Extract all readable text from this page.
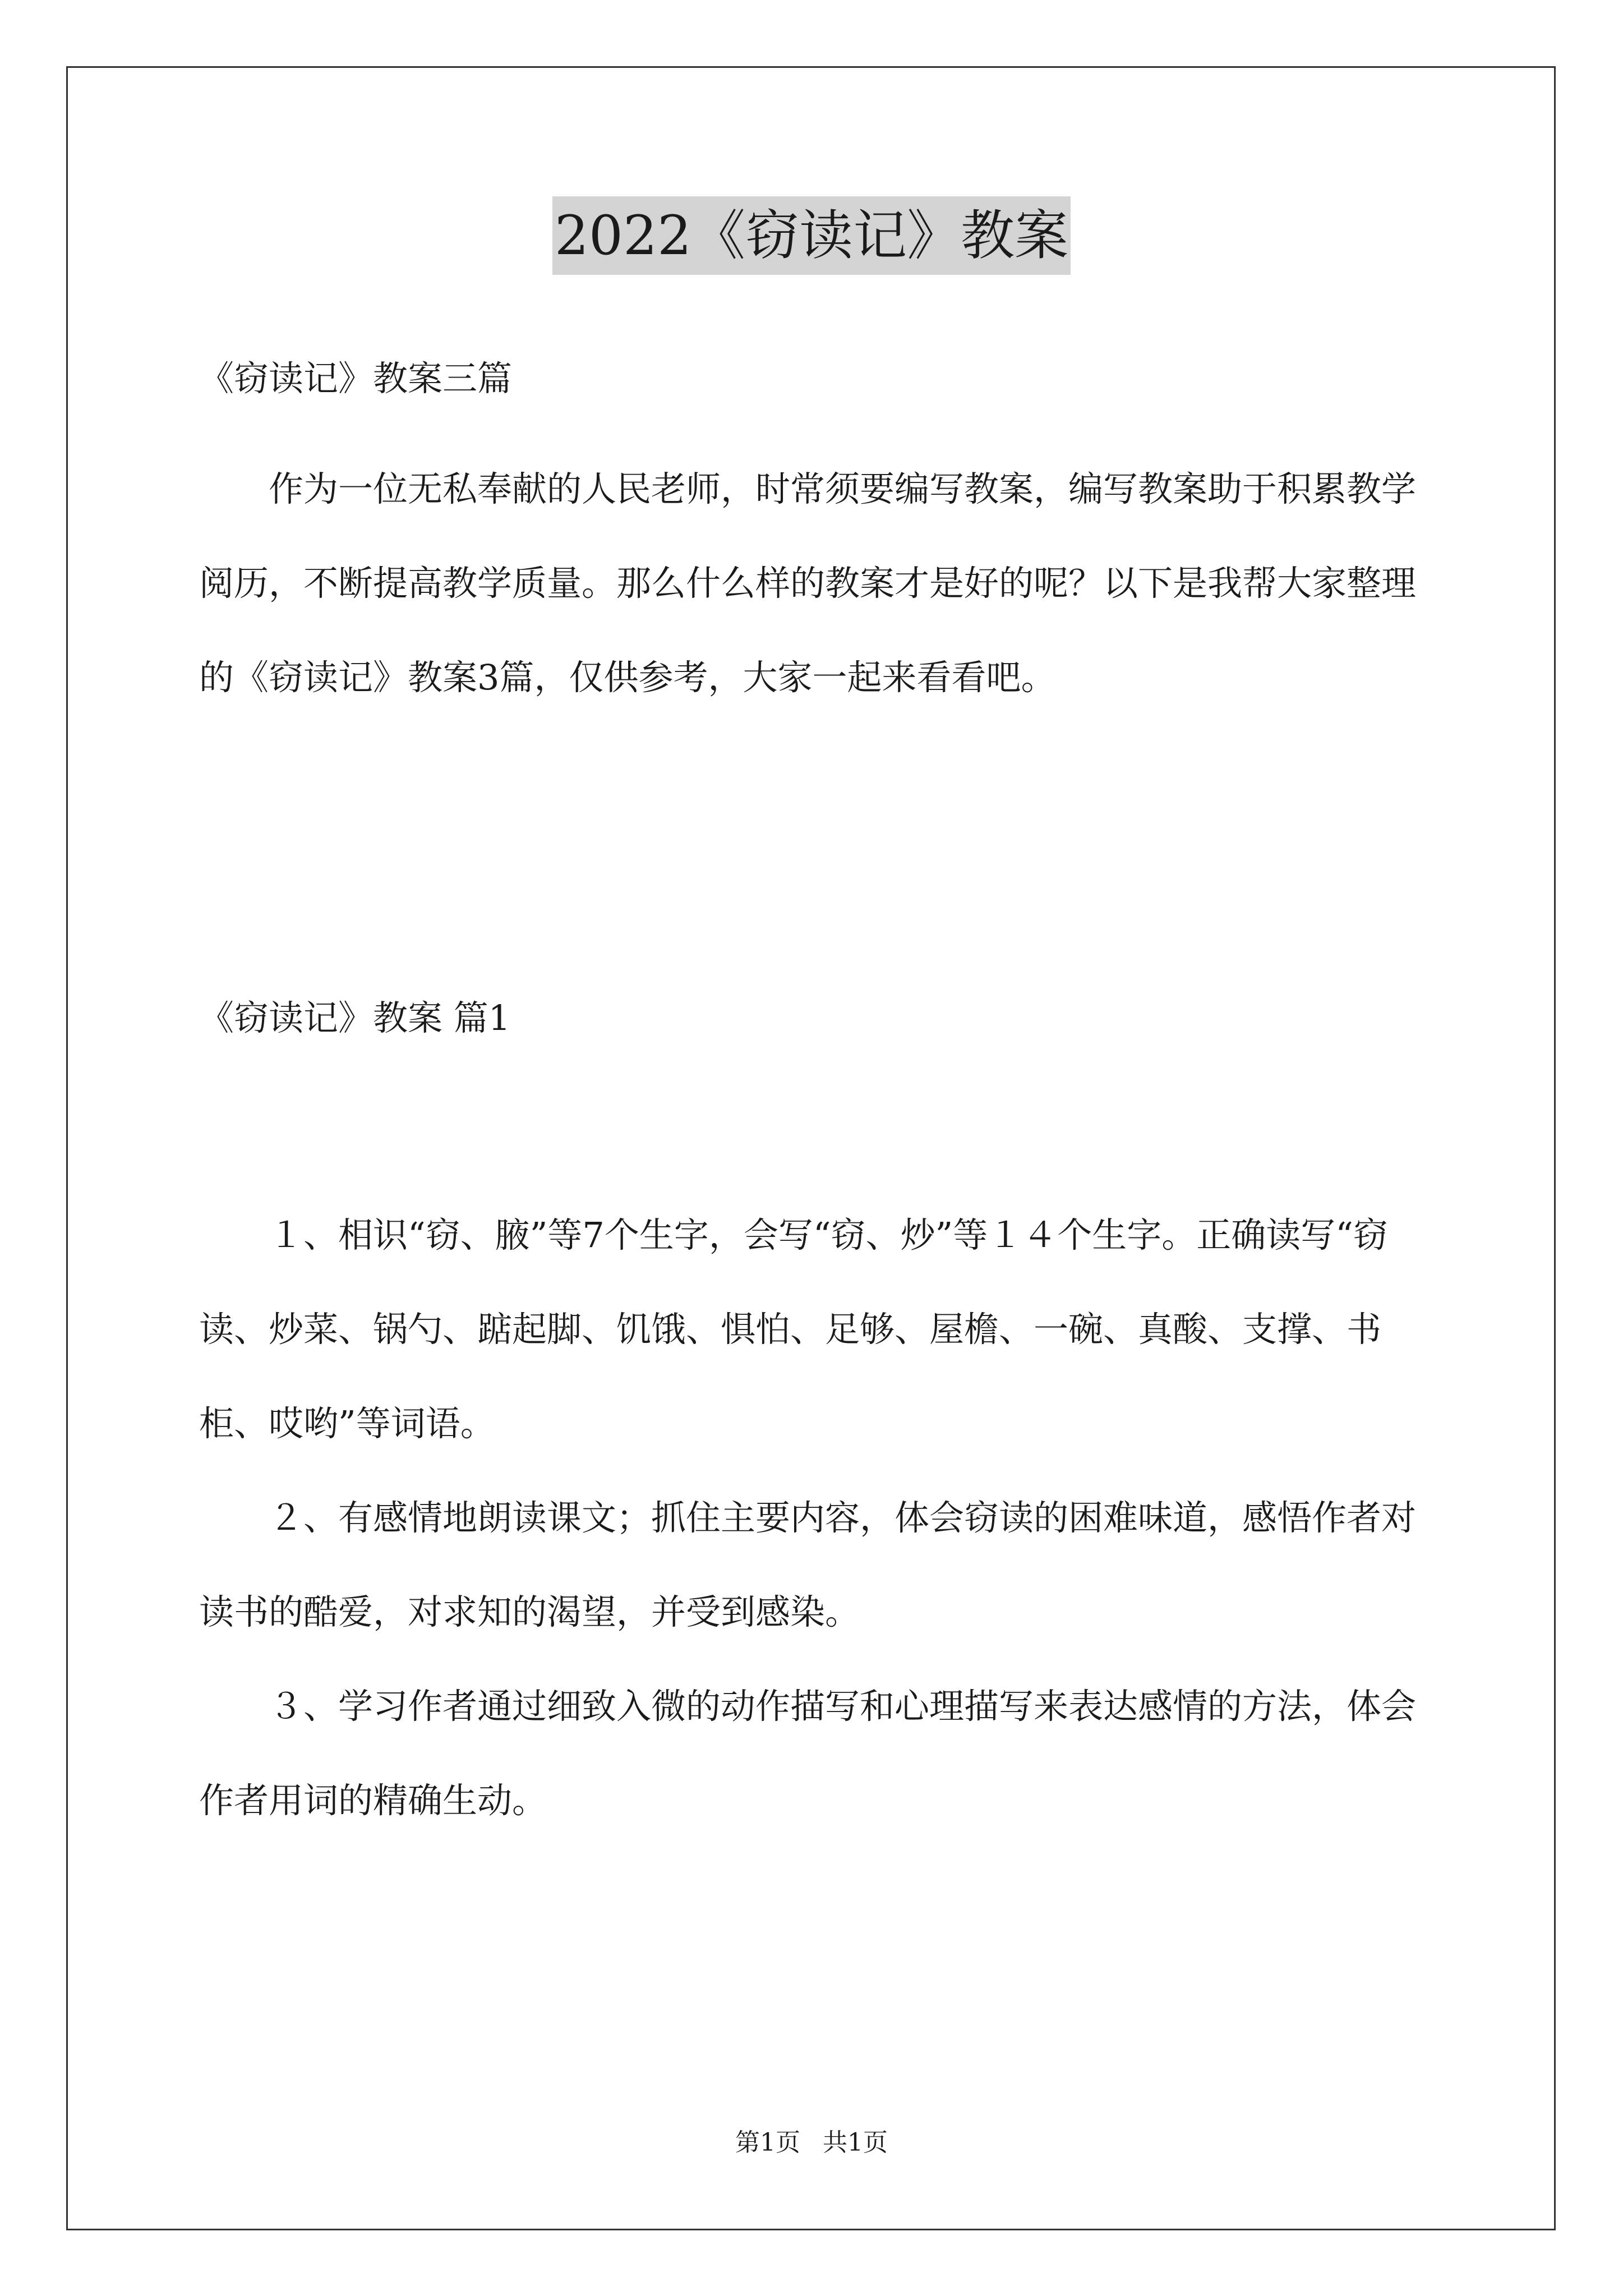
2022《窃读记》教案

《窃读记》教案三篇

作为一位无私奉献的人民老师，时常须要编写教案，编写教案助于积累教学阅历，不断提高教学质量。那么什么样的教案才是好的呢？以下是我帮大家整理的《窃读记》教案3篇，仅供参考，大家一起来看看吧。

《窃读记》教案 篇1

１、相识“窃、腋”等7个生字，会写“窃、炒”等１４个生字。正确读写“窃读、炒菜、锅勺、踮起脚、饥饿、惧怕、足够、屋檐、一碗、真酸、支撑、书柜、哎哟”等词语。

２、有感情地朗读课文；抓住主要内容，体会窃读的困难味道，感悟作者对读书的酷爱，对求知的渴望，并受到感染。

３、学习作者通过细致入微的动作描写和心理描写来表达感情的方法，体会作者用词的精确生动。

第1页 共1页
